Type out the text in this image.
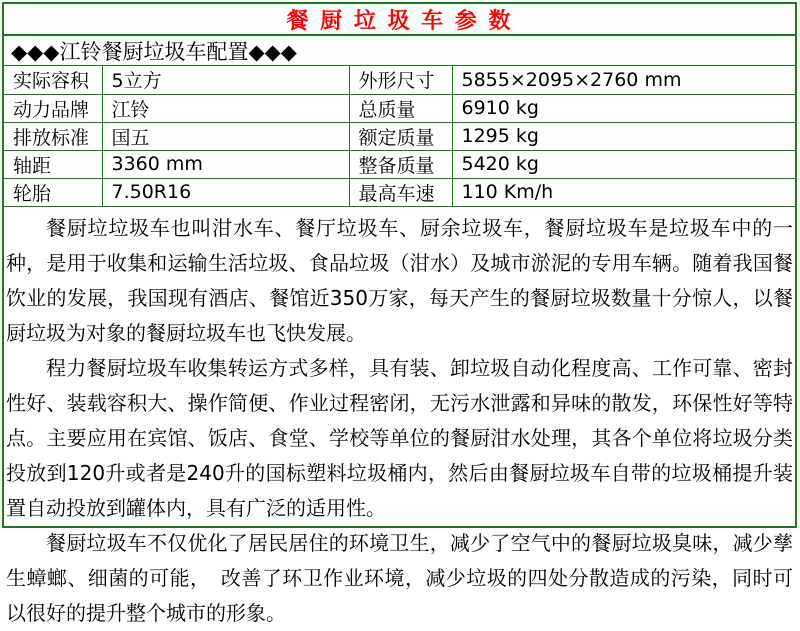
餐 厨 垃 圾 车 参 数
◆◆◆江铃餐厨垃圾车配置◆◆◆
实际容积	5立方	外形尺寸	5855×2095×2760 mm
动力品牌	江铃	总质量	6910 kg
排放标准	国五	额定质量	1295 kg
轴距	3360 mm	整备质量	5420 kg
轮胎	7.50R16	最高车速	110 Km/h

餐厨垃垃圾车也叫泔水车、餐厅垃圾车、厨余垃圾车，餐厨垃圾车是垃圾车中的一种，是用于收集和运输生活垃圾、食品垃圾（泔水）及城市淤泥的专用车辆。随着我国餐饮业的发展，我国现有酒店、餐馆近350万家，每天产生的餐厨垃圾数量十分惊人，以餐厨垃圾为对象的餐厨垃圾车也飞快发展。

程力餐厨垃圾车收集转运方式多样，具有装、卸垃圾自动化程度高、工作可靠、密封性好、装载容积大、操作简便、作业过程密闭，无污水泄露和异味的散发，环保性好等特点。主要应用在宾馆、饭店、食堂、学校等单位的餐厨泔水处理，其各个单位将垃圾分类投放到120升或者是240升的国标塑料垃圾桶内，然后由餐厨垃圾车自带的垃圾桶提升装置自动投放到罐体内，具有广泛的适用性。

餐厨垃圾车不仅优化了居民居住的环境卫生，减少了空气中的餐厨垃圾臭味，减少孳生蟑螂、细菌的可能，　改善了环卫作业环境，减少垃圾的四处分散造成的污染，同时可以很好的提升整个城市的形象。
